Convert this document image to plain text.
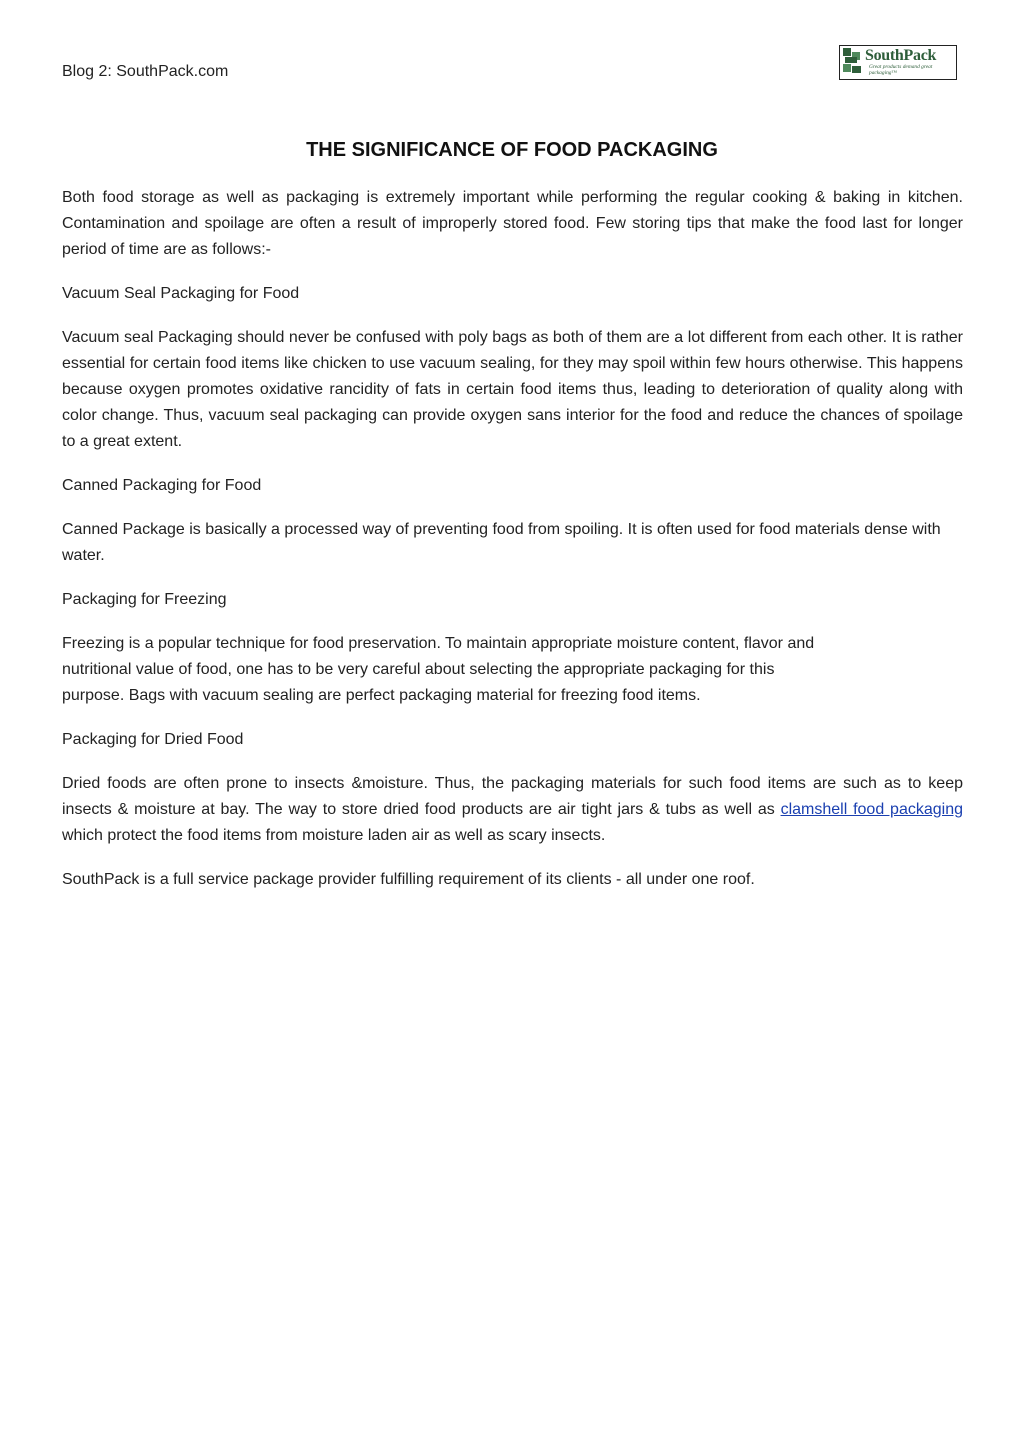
Blog 2: SouthPack.com
SouthPack
Great products demand great packaging™
THE SIGNIFICANCE OF FOOD PACKAGING

Both food storage as well as packaging is extremely important while performing the regular cooking & baking in kitchen. Contamination and spoilage are often a result of improperly stored food. Few storing tips that make the food last for longer period of time are as follows:-

Vacuum Seal Packaging for Food

Vacuum seal Packaging should never be confused with poly bags as both of them are a lot different from each other. It is rather essential for certain food items like chicken to use vacuum sealing, for they may spoil within few hours otherwise. This happens because oxygen promotes oxidative rancidity of fats in certain food items thus, leading to deterioration of quality along with color change. Thus, vacuum seal packaging can provide oxygen sans interior for the food and reduce the chances of spoilage to a great extent.

Canned Packaging for Food

Canned Package is basically a processed way of preventing food from spoiling. It is often used for food materials dense with water.

Packaging for Freezing

Freezing is a popular technique for food preservation. To maintain appropriate moisture content, flavor and
nutritional value of food, one has to be very careful about selecting the appropriate packaging for this
purpose. Bags with vacuum sealing are perfect packaging material for freezing food items.

Packaging for Dried Food

Dried foods are often prone to insects &moisture. Thus, the packaging materials for such food items are such as to keep insects & moisture at bay. The way to store dried food products are air tight jars & tubs as well as clamshell food packaging which protect the food items from moisture laden air as well as scary insects.

SouthPack is a full service package provider fulfilling requirement of its clients - all under one roof.
